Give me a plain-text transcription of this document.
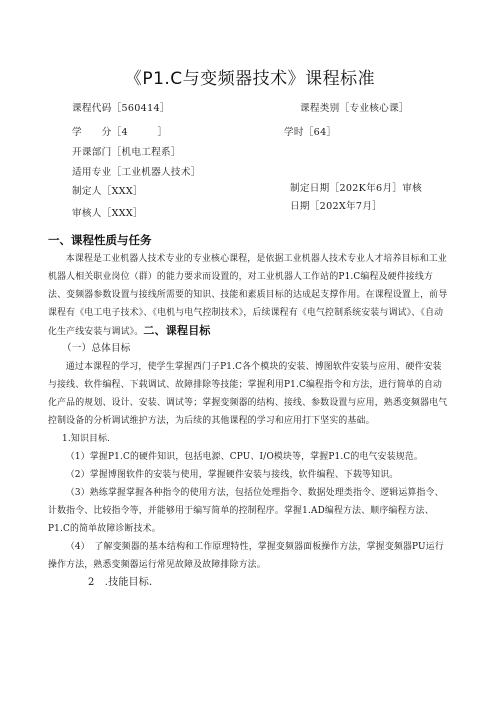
《P1.C与变频器技术》课程标准
课程代码［560414］	课程类别［专业核心课］
学　　分［4　　　］	学时［64］
开课部门［机电工程系］
适用专业［工业机器人技术］
制定人［XXX］	制定日期［202K年6月］审核
审核人［XXX］
日期［202X年7月］
一、课程性质与任务

本课程是工业机器人技术专业的专业核心课程，是依据工业机器人技术专业人才培养目标和工业机器人相关职业岗位（群）的能力要求而设置的，对工业机器人工作站的P1.C编程及硬件接线方法、变频器参数设置与接线所需要的知识、技能和素质目标的达成起支撑作用。在课程设置上，前导课程有《电工电子技术》、《电机与电气控制技术》，后续课程有《电气控制系统安装与调试》、《自动化生产线安装与调试》。二、课程目标

（一）总体目标

通过本课程的学习，使学生掌握西门子P1.C各个模块的安装、博图软件安装与应用、硬件安装与接线、软件编程、下载调试、故障排除等技能；掌握利用P1.C编程指令和方法，进行简单的自动化产品的规划、设计、安装、调试等；掌握变频器的结构、接线、参数设置与应用，熟悉变频器电气控制设备的分析调试维护方法，为后续的其他课程的学习和应用打下坚实的基础。

1.知识目标.

（1）掌握P1.C的硬件知识，包括电源、CPU、I/O模块等，掌握P1.C的电气安装规范。

（2）掌握博图软件的安装与使用，掌握硬件安装与接线，软件编程、下载等知识。

（3）熟练掌握掌握各种指令的使用方法，包括位处理指令、数据处理类指令、逻辑运算指令、计数指令、比较指令等，并能够用于编写简单的控制程序。掌握1.AD编程方法、顺序编程方法、P1.C的简单故障诊断技术。

（4）　了解变频器的基本结构和工作原理特性，掌握变频器面板操作方法，掌握变频器PU运行操作方法，熟悉变频器运行常见故障及故障排除方法。

2　.技能目标.
